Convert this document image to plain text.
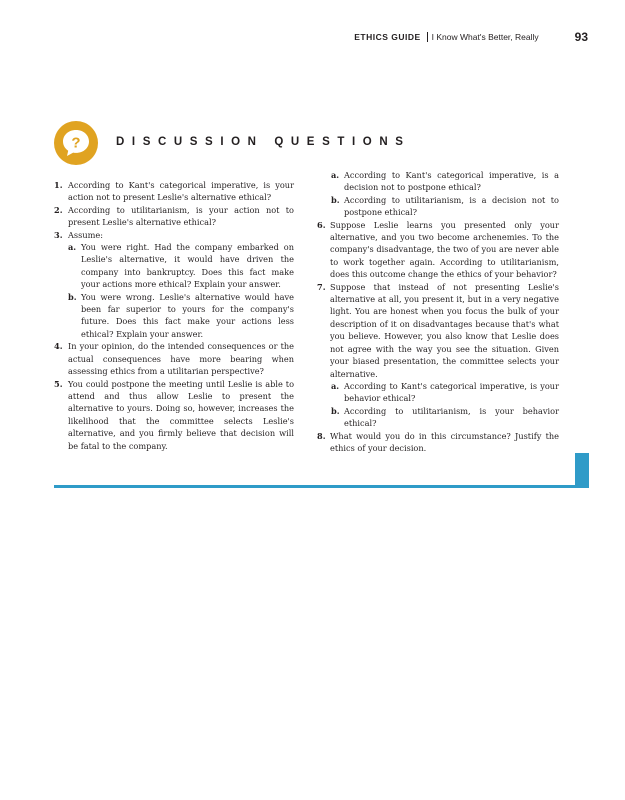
ETHICS GUIDE I Know What's Better, Really	93
?	DISCUSSION QUESTIONS
1. According to Kant's categorical imperative, is your action not to present Leslie's alternative ethical?
2. According to utilitarianism, is your action not to present Leslie's alternative ethical?
3. Assume:
a. You were right. Had the company embarked on Leslie's alternative, it would have driven the company into bankruptcy. Does this fact make your actions more ethical? Explain your answer.
b. You were wrong. Leslie's alternative would have been far superior to yours for the company's future. Does this fact make your actions less ethical? Explain your answer.
4. In your opinion, do the intended consequences or the actual consequences have more bearing when assessing ethics from a utilitarian perspective?
5. You could postpone the meeting until Leslie is able to attend and thus allow Leslie to present the alternative to yours. Doing so, however, increases the likelihood that the committee selects Leslie's alternative, and you firmly believe that decision will be fatal to the company.
a. According to Kant's categorical imperative, is a decision not to postpone ethical?
b. According to utilitarianism, is a decision not to postpone ethical?
6. Suppose Leslie learns you presented only your alternative, and you two become archenemies. To the company's disadvantage, the two of you are never able to work together again. According to utilitarianism, does this outcome change the ethics of your behavior?
7. Suppose that instead of not presenting Leslie's alternative at all, you present it, but in a very negative light. You are honest when you focus the bulk of your description of it on disadvantages because that's what you believe. However, you also know that Leslie does not agree with the way you see the situation. Given your biased presentation, the committee selects your alternative.
a. According to Kant's categorical imperative, is your behavior ethical?
b. According to utilitarianism, is your behavior ethical?
8. What would you do in this circumstance? Justify the ethics of your decision.
